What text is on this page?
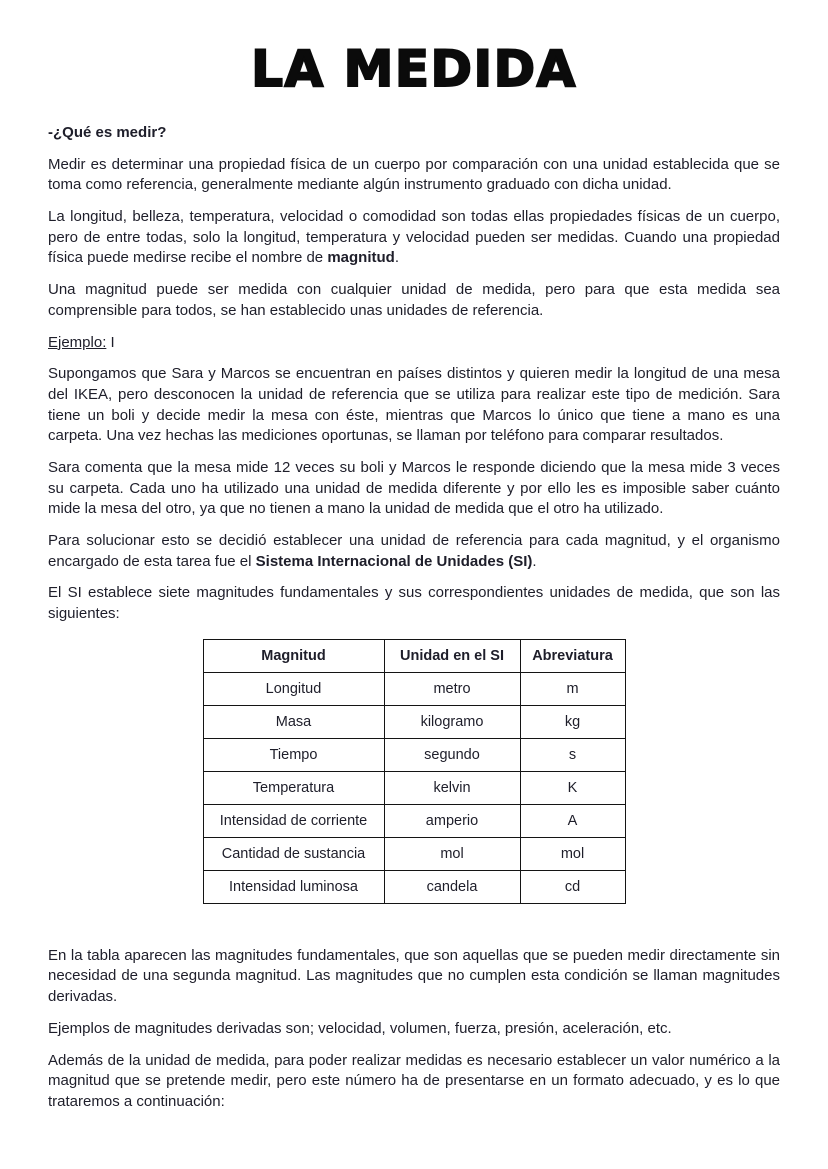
LA MEDIDA

-¿Qué es medir?

Medir es determinar una propiedad física de un cuerpo por comparación con una unidad establecida que se toma como referencia, generalmente mediante algún instrumento graduado con dicha unidad.

La longitud, belleza, temperatura, velocidad o comodidad son todas ellas propiedades físicas de un cuerpo, pero de entre todas, solo la longitud, temperatura y velocidad pueden ser medidas. Cuando una propiedad física puede medirse recibe el nombre de magnitud.

Una magnitud puede ser medida con cualquier unidad de medida, pero para que esta medida sea comprensible para todos, se han establecido unas unidades de referencia.

Ejemplo: I

Supongamos que Sara y Marcos se encuentran en países distintos y quieren medir la longitud de una mesa del IKEA, pero desconocen la unidad de referencia que se utiliza para realizar este tipo de medición. Sara tiene un boli y decide medir la mesa con éste, mientras que Marcos lo único que tiene a mano es una carpeta. Una vez hechas las mediciones oportunas, se llaman por teléfono para comparar resultados.

Sara comenta que la mesa mide 12 veces su boli y Marcos le responde diciendo que la mesa mide 3 veces su carpeta. Cada uno ha utilizado una unidad de medida diferente y por ello les es imposible saber cuánto mide la mesa del otro, ya que no tienen a mano la unidad de medida que el otro ha utilizado.

Para solucionar esto se decidió establecer una unidad de referencia para cada magnitud, y el organismo encargado de esta tarea fue el Sistema Internacional de Unidades (SI).

El SI establece siete magnitudes fundamentales y sus correspondientes unidades de medida, que son las siguientes:

Magnitud	Unidad en el SI	Abreviatura
Longitud	metro	m
Masa	kilogramo	kg
Tiempo	segundo	s
Temperatura	kelvin	K
Intensidad de corriente	amperio	A
Cantidad de sustancia	mol	mol
Intensidad luminosa	candela	cd

En la tabla aparecen las magnitudes fundamentales, que son aquellas que se pueden medir directamente sin necesidad de una segunda magnitud. Las magnitudes que no cumplen esta condición se llaman magnitudes derivadas.

Ejemplos de magnitudes derivadas son; velocidad, volumen, fuerza, presión, aceleración, etc.

Además de la unidad de medida, para poder realizar medidas es necesario establecer un valor numérico a la magnitud que se pretende medir, pero este número ha de presentarse en un formato adecuado, y es lo que trataremos a continuación:
